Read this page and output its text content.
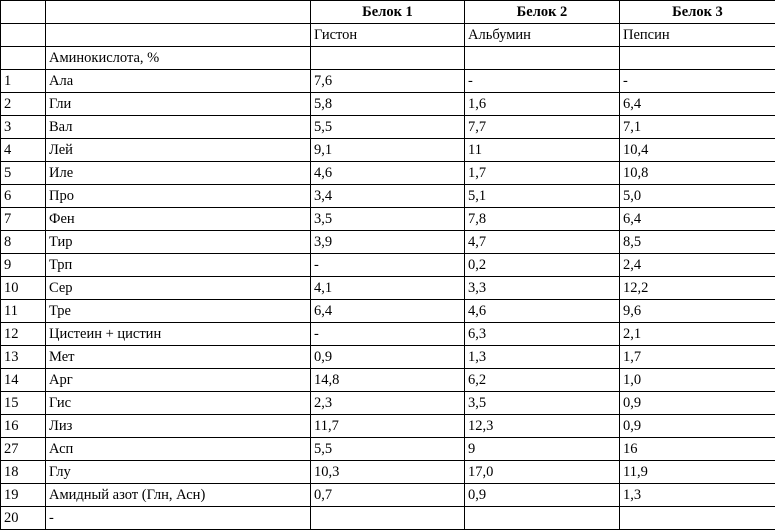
		Белок 1	Белок 2	Белок 3
		Гистон	Альбумин	Пепсин
	Аминокислота, %			
1	Ала	7,6	-	-
2	Гли	5,8	1,6	6,4
3	Вал	5,5	7,7	7,1
4	Лей	9,1	11	10,4
5	Иле	4,6	1,7	10,8
6	Про	3,4	5,1	5,0
7	Фен	3,5	7,8	6,4
8	Тир	3,9	4,7	8,5
9	Трп	-	0,2	2,4
10	Сер	4,1	3,3	12,2
11	Тре	6,4	4,6	9,6
12	Цистеин + цистин	-	6,3	2,1
13	Мет	0,9	1,3	1,7
14	Арг	14,8	6,2	1,0
15	Гис	2,3	3,5	0,9
16	Лиз	11,7	12,3	0,9
27	Асп	5,5	9	16
18	Глу	10,3	17,0	11,9
19	Амидный азот (Глн, Асн)	0,7	0,9	1,3
20	-			
